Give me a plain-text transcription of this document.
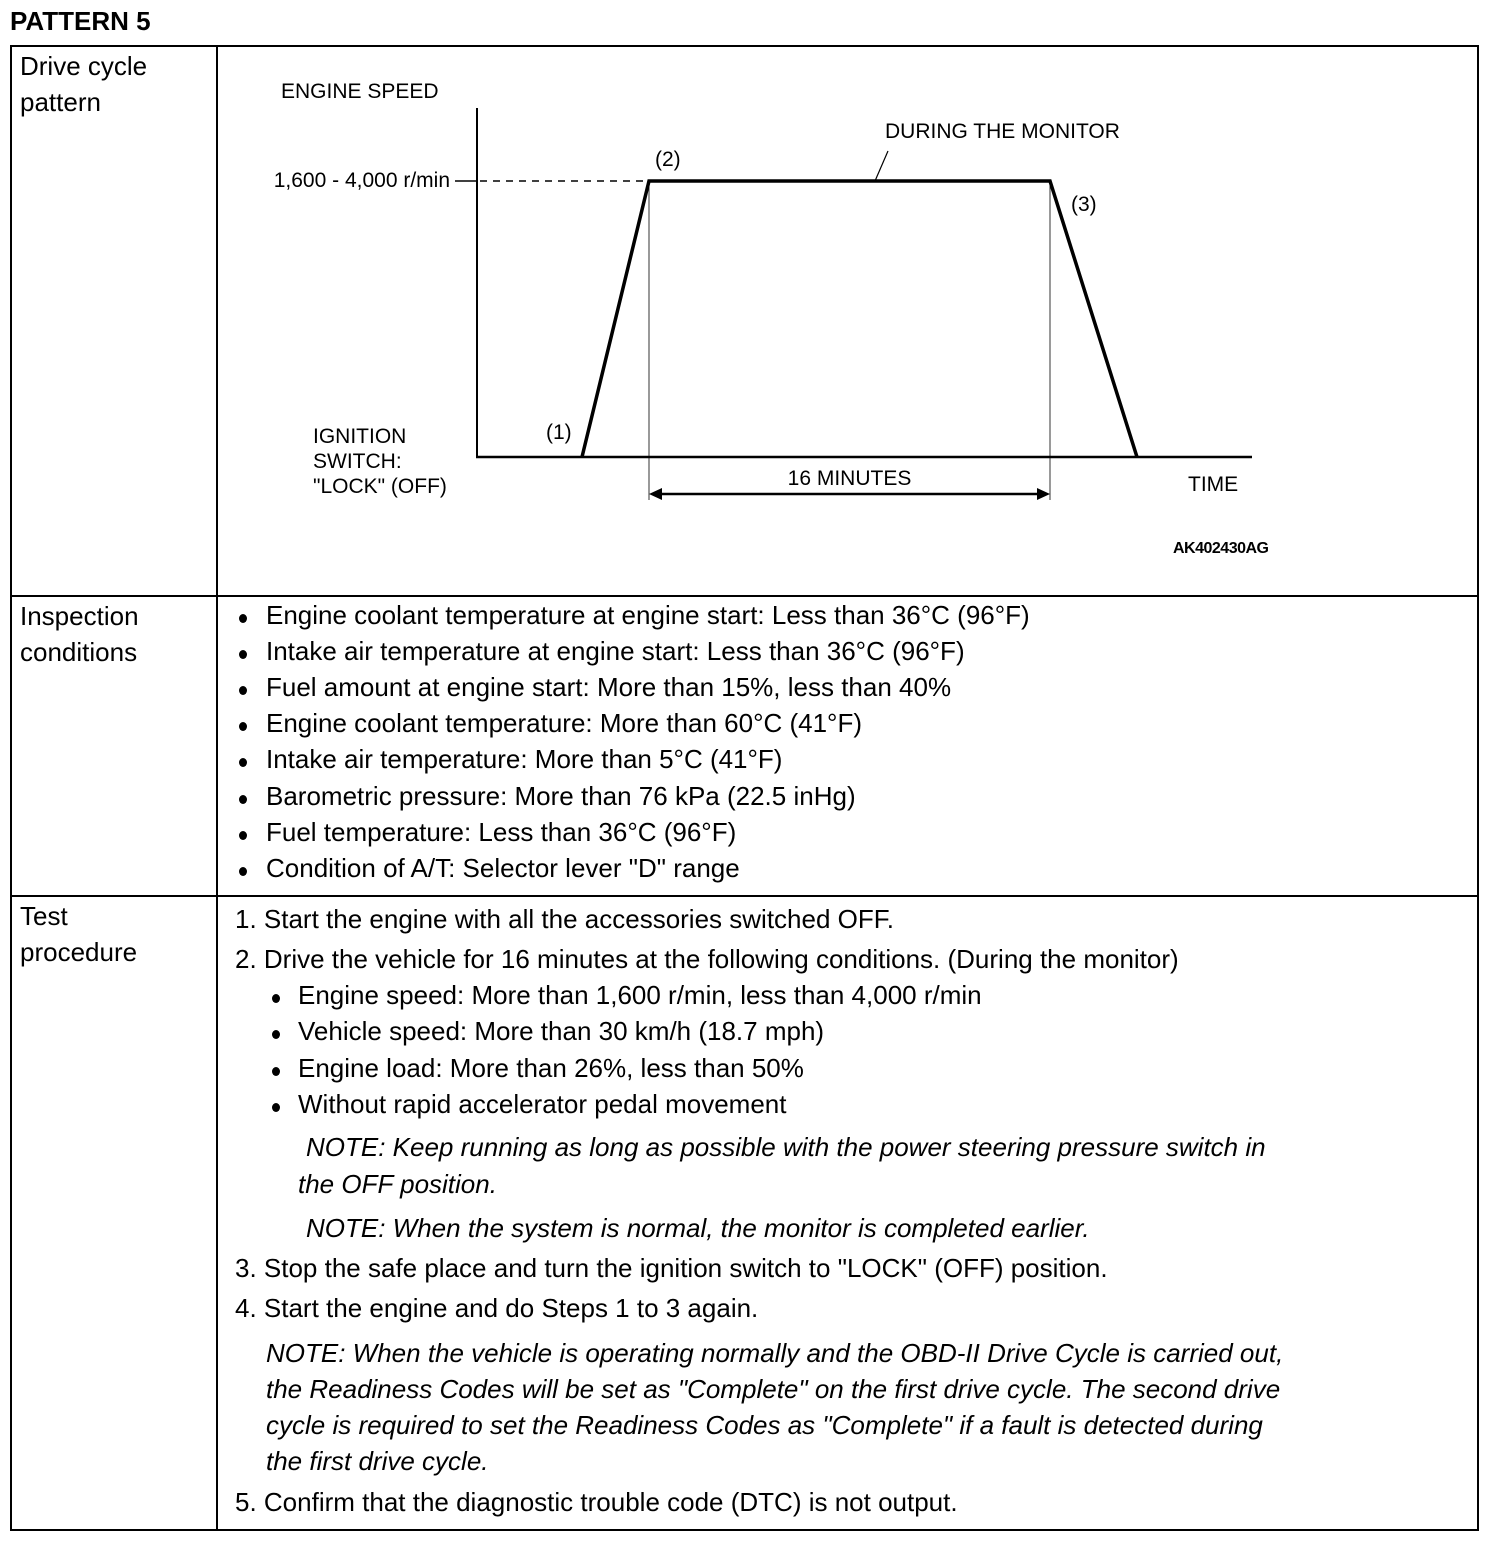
PATTERN 5
Drive cycle
pattern
Inspection
conditions
Test
procedure
ENGINE SPEED
1,600 - 4,000 r/min
(2)
DURING THE MONITOR
(3)
(1)
IGNITION
SWITCH:
"LOCK" (OFF)	16 MINUTES	TIME
AK402430AG
Engine coolant temperature at engine start: Less than 36°C (96°F)
Intake air temperature at engine start: Less than 36°C (96°F)
Fuel amount at engine start: More than 15%, less than 40%
Engine coolant temperature: More than 60°C (41°F)
Intake air temperature: More than 5°C (41°F)
Barometric pressure: More than 76 kPa (22.5 inHg)
Fuel temperature: Less than 36°C (96°F)
Condition of A/T: Selector lever "D" range
1. Start the engine with all the accessories switched OFF.
2. Drive the vehicle for 16 minutes at the following conditions. (During the monitor)
Engine speed: More than 1,600 r/min, less than 4,000 r/min
Vehicle speed: More than 30 km/h (18.7 mph)
Engine load: More than 26%, less than 50%
Without rapid accelerator pedal movement
NOTE: Keep running as long as possible with the power steering pressure switch in
the OFF position.
NOTE: When the system is normal, the monitor is completed earlier.
3. Stop the safe place and turn the ignition switch to "LOCK" (OFF) position.
4. Start the engine and do Steps 1 to 3 again.
NOTE: When the vehicle is operating normally and the OBD-II Drive Cycle is carried out,
the Readiness Codes will be set as "Complete" on the first drive cycle. The second drive
cycle is required to set the Readiness Codes as "Complete" if a fault is detected during
the first drive cycle.
5. Confirm that the diagnostic trouble code (DTC) is not output.
